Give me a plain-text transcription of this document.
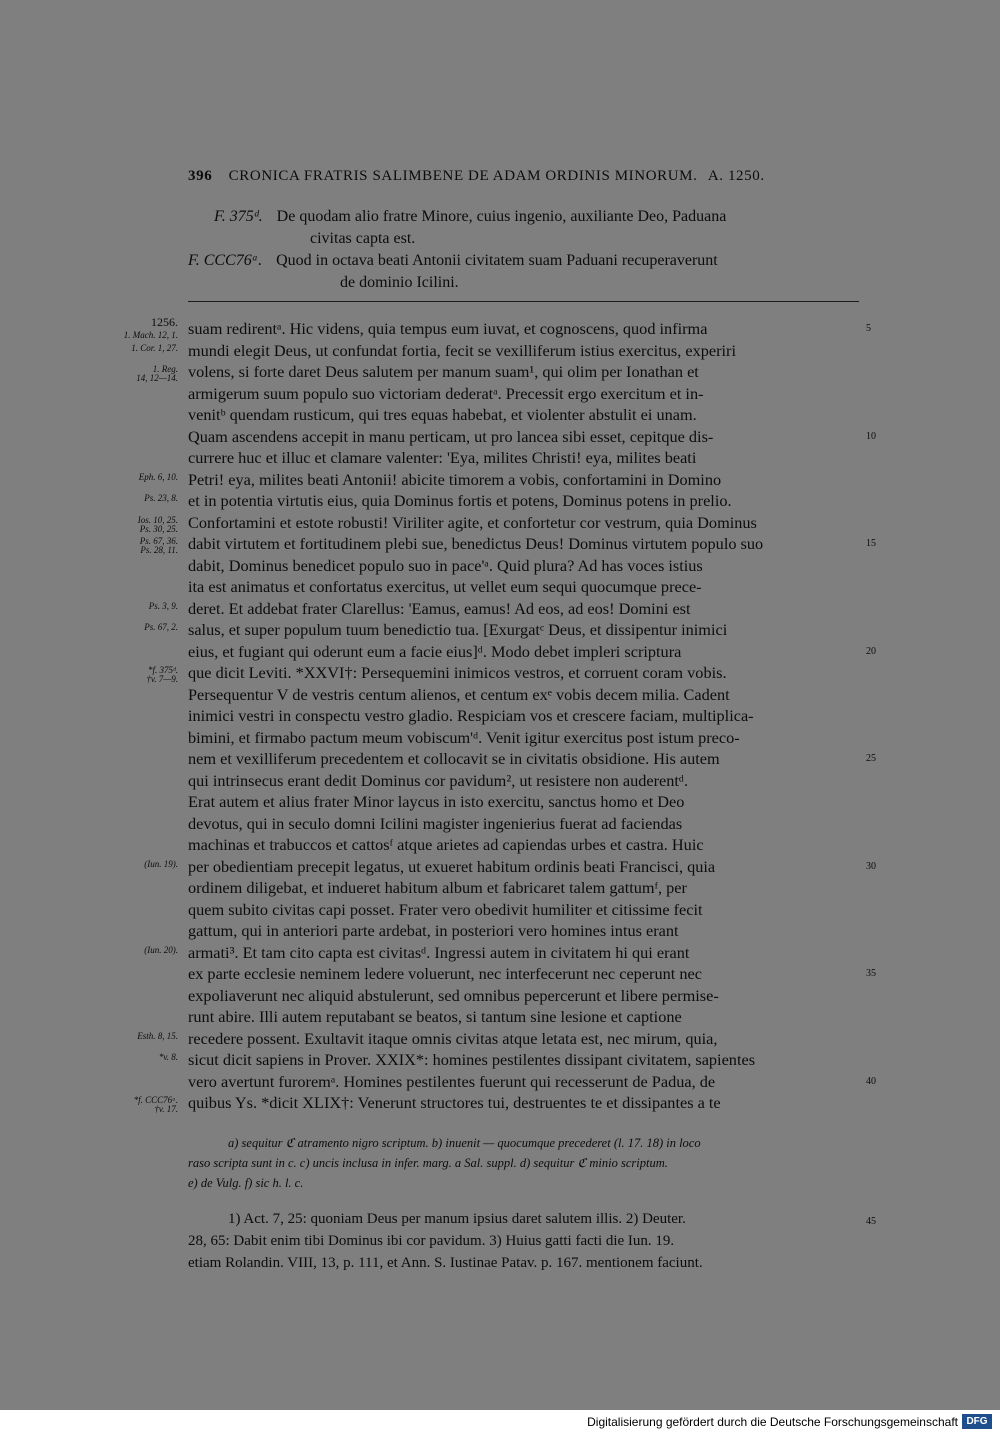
396 CRONICA FRATRIS SALIMBENE DE ADAM ORDINIS MINORUM. A. 1250.
F. 375ᵈ. De quodam alio fratre Minore, cuius ingenio, auxiliante Deo, Paduana
civitas capta est.
F. CCC76ᵃ. Quod in octava beati Antonii civitatem suam Paduani recuperaverunt
de dominio Icilini.
suam redirentᵃ. Hic videns, quia tempus eum iuvat, et cognoscens, quod infirma
mundi elegit Deus, ut confundat fortia, fecit se vexilliferum istius exercitus, experiri
volens, si forte daret Deus salutem per manum suam¹, qui olim per Ionathan et
armigerum suum populo suo victoriam dederatᵃ. Precessit ergo exercitum et in-
venitᵇ quendam rusticum, qui tres equas habebat, et violenter abstulit ei unam.
Quam ascendens accepit in manu perticam, ut pro lancea sibi esset, cepitque dis-
currere huc et illuc et clamare valenter: 'Eya, milites Christi! eya, milites beati
Petri! eya, milites beati Antonii! abicite timorem a vobis, confortamini in Domino
et in potentia virtutis eius, quia Dominus fortis et potens, Dominus potens in prelio.
Confortamini et estote robusti! Viriliter agite, et confortetur cor vestrum, quia Dominus
dabit virtutem et fortitudinem plebi sue, benedictus Deus! Dominus virtutem populo suo
dabit, Dominus benedicet populo suo in pace'ᵃ. Quid plura? Ad has voces istius
ita est animatus et confortatus exercitus, ut vellet eum sequi quocumque prece-
deret. Et addebat frater Clarellus: 'Eamus, eamus! Ad eos, ad eos! Domini est
salus, et super populum tuum benedictio tua. [Exurgatᶜ Deus, et dissipentur inimici
eius, et fugiant qui oderunt eum a facie eius]ᵈ. Modo debet impleri scriptura
que dicit Leviti. *XXVI†: Persequemini inimicos vestros, et corruent coram vobis.
Persequentur V de vestris centum alienos, et centum exᵉ vobis decem milia. Cadent
inimici vestri in conspectu vestro gladio. Respiciam vos et crescere faciam, multiplica-
bimini, et firmabo pactum meum vobiscum'ᵈ. Venit igitur exercitus post istum preco-
nem et vexilliferum precedentem et collocavit se in civitatis obsidione. His autem
qui intrinsecus erant dedit Dominus cor pavidum², ut resistere non auderentᵈ.
Erat autem et alius frater Minor laycus in isto exercitu, sanctus homo et Deo
devotus, qui in seculo domni Icilini magister ingenierius fuerat ad faciendas
machinas et trabuccos et cattosᶠ atque arietes ad capiendas urbes et castra. Huic
per obedientiam precepit legatus, ut exueret habitum ordinis beati Francisci, quia
ordinem diligebat, et indueret habitum album et fabricaret talem gattumᶠ, per
quem subito civitas capi posset. Frater vero obedivit humiliter et citissime fecit
gattum, qui in anteriori parte ardebat, in posteriori vero homines intus erant
armati³. Et tam cito capta est civitasᵈ. Ingressi autem in civitatem hi qui erant
ex parte ecclesie neminem ledere voluerunt, nec interfecerunt nec ceperunt nec
expoliaverunt nec aliquid abstulerunt, sed omnibus pepercerunt et libere permise-
runt abire. Illi autem reputabant se beatos, si tantum sine lesione et captione
recedere possent. Exultavit itaque omnis civitas atque letata est, nec mirum, quia,
sicut dicit sapiens in Prover. XXIX*: homines pestilentes dissipant civitatem, sapientes
vero avertunt furoremᵃ. Homines pestilentes fuerunt qui recesserunt de Padua, de
quibus Ys. *dicit XLIX†: Venerunt structores tui, destruentes te et dissipantes a te
1256.
1. Mach. 12, 1.
1. Cor. 1, 27.
1. Reg.
14, 12—14.
Eph. 6, 10.
Ps. 23, 8.
Ios. 10, 25.
Ps. 30, 25.
Ps. 67, 36.
Ps. 28, 11.
Ps. 3, 9.
Ps. 67, 2.
*f. 375ᵈ.
†v. 7—9.
(Iun. 19).
(Iun. 20).
Esth. 8, 15.
*v. 8.
*f. CCC76ᵃ.
†v. 17.
5
10
15
20
25
30
35
40
a) sequitur ℭ atramento nigro scriptum. b) inuenit — quocumque precederet (l. 17. 18) in loco
raso scripta sunt in c. c) uncis inclusa in infer. marg. a Sal. suppl. d) sequitur ℭ minio scriptum.
e) de Vulg. f) sic h. l. c.
1) Act. 7, 25: quoniam Deus per manum ipsius daret salutem illis. 2) Deuter.
28, 65: Dabit enim tibi Dominus ibi cor pavidum. 3) Huius gatti facti die Iun. 19.
etiam Rolandin. VIII, 13, p. 111, et Ann. S. Iustinae Patav. p. 167. mentionem faciunt.
45
Digitalisierung gefördert durch die Deutsche Forschungsgemeinschaft DFG
